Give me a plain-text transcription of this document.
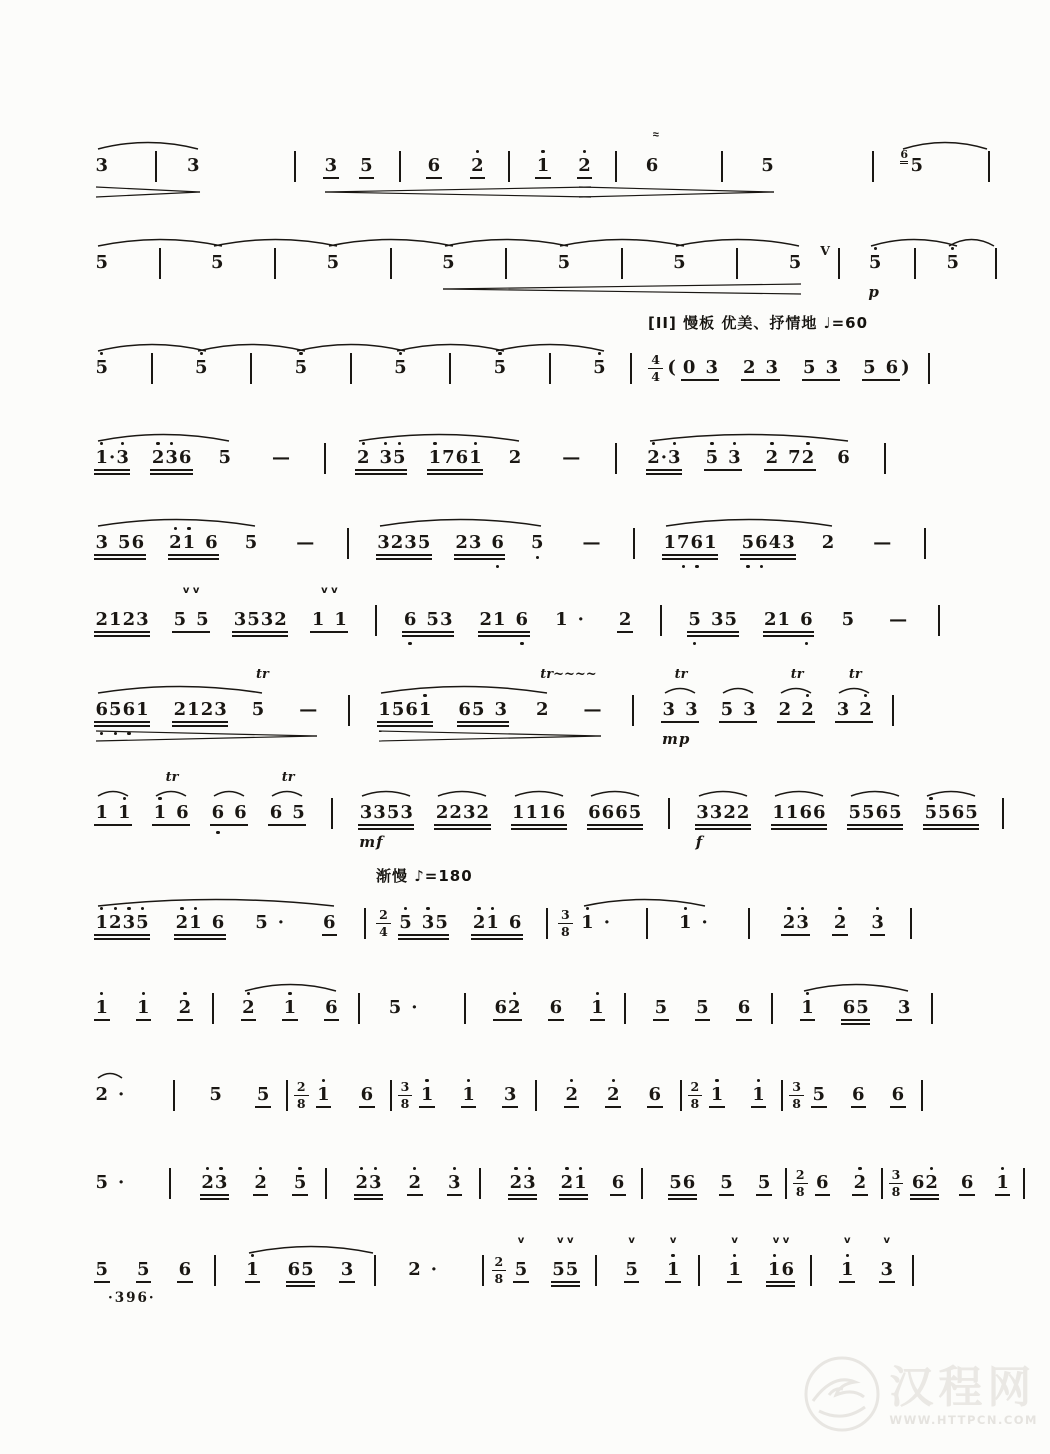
3	3	3 5	6 2	1 2	6
≈
5
6
5
5	5	5	5	5	5	5
V
5
p
5
5	5	5	5	5	5	4
4 ( 0 3 2 3 5 3 5 6 )
[II] 慢板 优美、抒情地 ♩=60
1 · 3 2 3 6 5 —	2 3 5 1 7 6 1 2 —	2 · 3 5 3 2 7 2 6
3 5 6 2 1 6 5 —	3 2 3 5 2 3 6 5 —	1 7 6 1 5 6 4 3 2 —
2 1 2 3 5 5
v v
3 5 3 2 1 1
v v
6 5 3 2 1 6 1 · 2	5 3 5 2 1 6 5 —
6 5 6 1 2 1 2 3 5
tr
—	1 5 6 1 6 5 3 2
tr~~~~
—	3 3
tr
mp
5 3 2 2
tr
3 2
tr
1 1 1 6
tr
6 6 6 5
tr
3 3 5 3
mf
2 2 3 2 1 1 1 6 6 6 6 5	3 3 2 2
f
1 1 6 6 5 5 6 5 5 5 6 5
1 2 3 5 2 1 6 5 · 6	2
4 5 3 5 2 1 6	3
8 1 ·	1 ·	2 3 2 3
渐慢 ♪=180
1 1 2	2 1 6	5 ·	6 2 6 1	5 5 6	1 6 5 3
2 ·	5 5 2
8 1 6 3
8 1 1 3	2 2 6 2
8 1 1 3
8 5 6 6
5 ·	2 3 2 5	2 3 2 3	2 3 2 1 6	5 6 5 5 2
8 6 2 3
8 6 2 6 1
5 5 6	1 6 5 3	2 ·	2
8 5
v
5 5
v v
5
v
1
v
1
v
1 6
v v
1
v
3
v
·396·
汉程网
WWW.HTTPCN.COM
